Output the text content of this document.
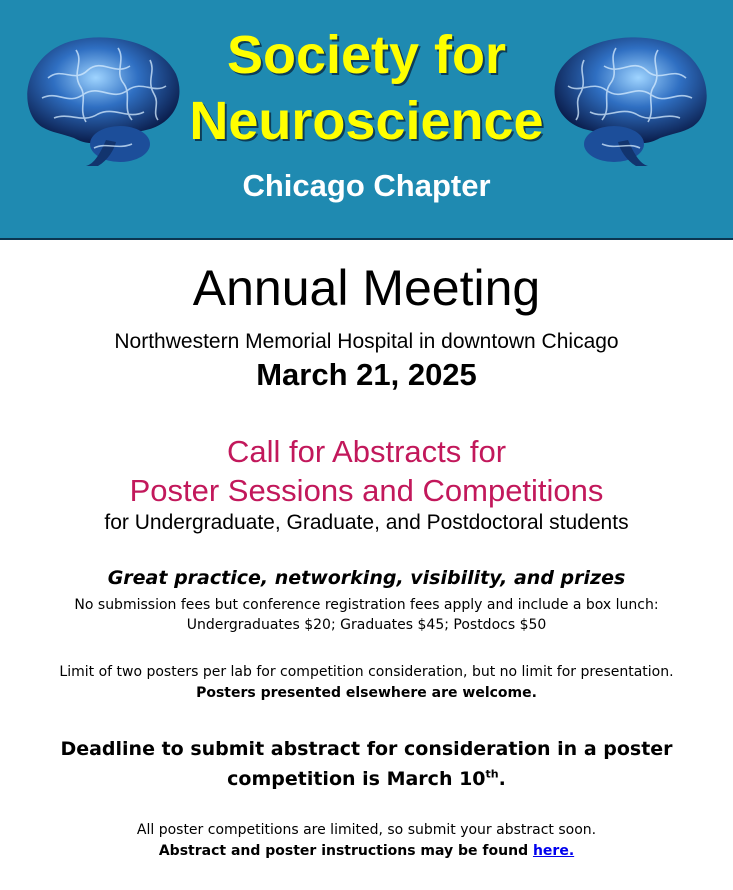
Society for
Neuroscience
Chicago Chapter
Annual Meeting
Northwestern Memorial Hospital in downtown Chicago
March 21, 2025
Call for Abstracts for
Poster Sessions and Competitions
for Undergraduate, Graduate, and Postdoctoral students
Great practice, networking, visibility, and prizes
No submission fees but conference registration fees apply and include a box lunch:
Undergraduates $20; Graduates $45; Postdocs $50
Limit of two posters per lab for competition consideration, but no limit for presentation.
Posters presented elsewhere are welcome.
Deadline to submit abstract for consideration in a poster
competition is March 10th.
All poster competitions are limited, so submit your abstract soon.
Abstract and poster instructions may be found here.
